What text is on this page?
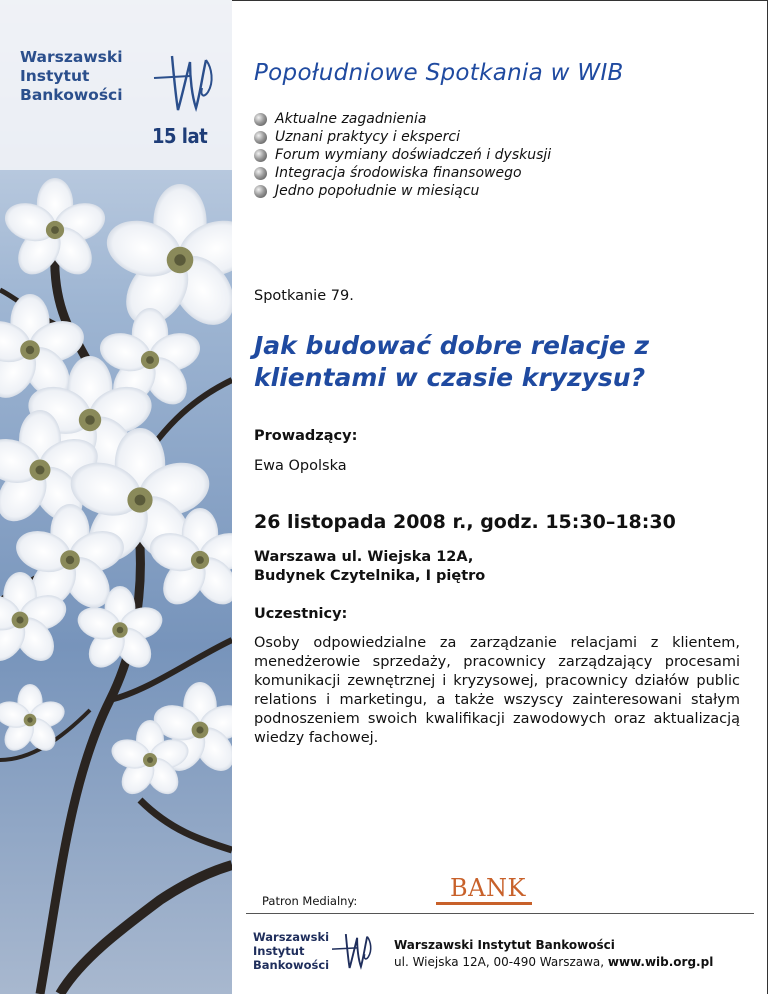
Warszawski
Instytut
Bankowości
15 lat
Popołudniowe Spotkania w WIB
Aktualne zagadnienia
Uznani praktycy i eksperci
Forum wymiany doświadczeń i dyskusji
Integracja środowiska finansowego
Jedno popołudnie w miesiącu
Spotkanie 79.
Jak budować dobre relacje z
klientami w czasie kryzysu?
Prowadzący:
Ewa Opolska
26 listopada 2008 r., godz. 15:30–18:30
Warszawa ul. Wiejska 12A,
Budynek Czytelnika, I piętro
Uczestnicy:
Osoby odpowiedzialne za zarządzanie relacjami z klientem, menedżerowie sprzedaży, pracownicy zarządzający procesami komunikacji zewnętrznej i kryzysowej, pracownicy działów public relations i marketingu, a także wszyscy zainteresowani stałym podnoszeniem swoich kwalifikacji zawodowych oraz aktualizacją wiedzy fachowej.
Patron Medialny:	BANK
Warszawski
Instytut
Bankowości
Warszawski Instytut Bankowości
ul. Wiejska 12A, 00-490 Warszawa, www.wib.org.pl
